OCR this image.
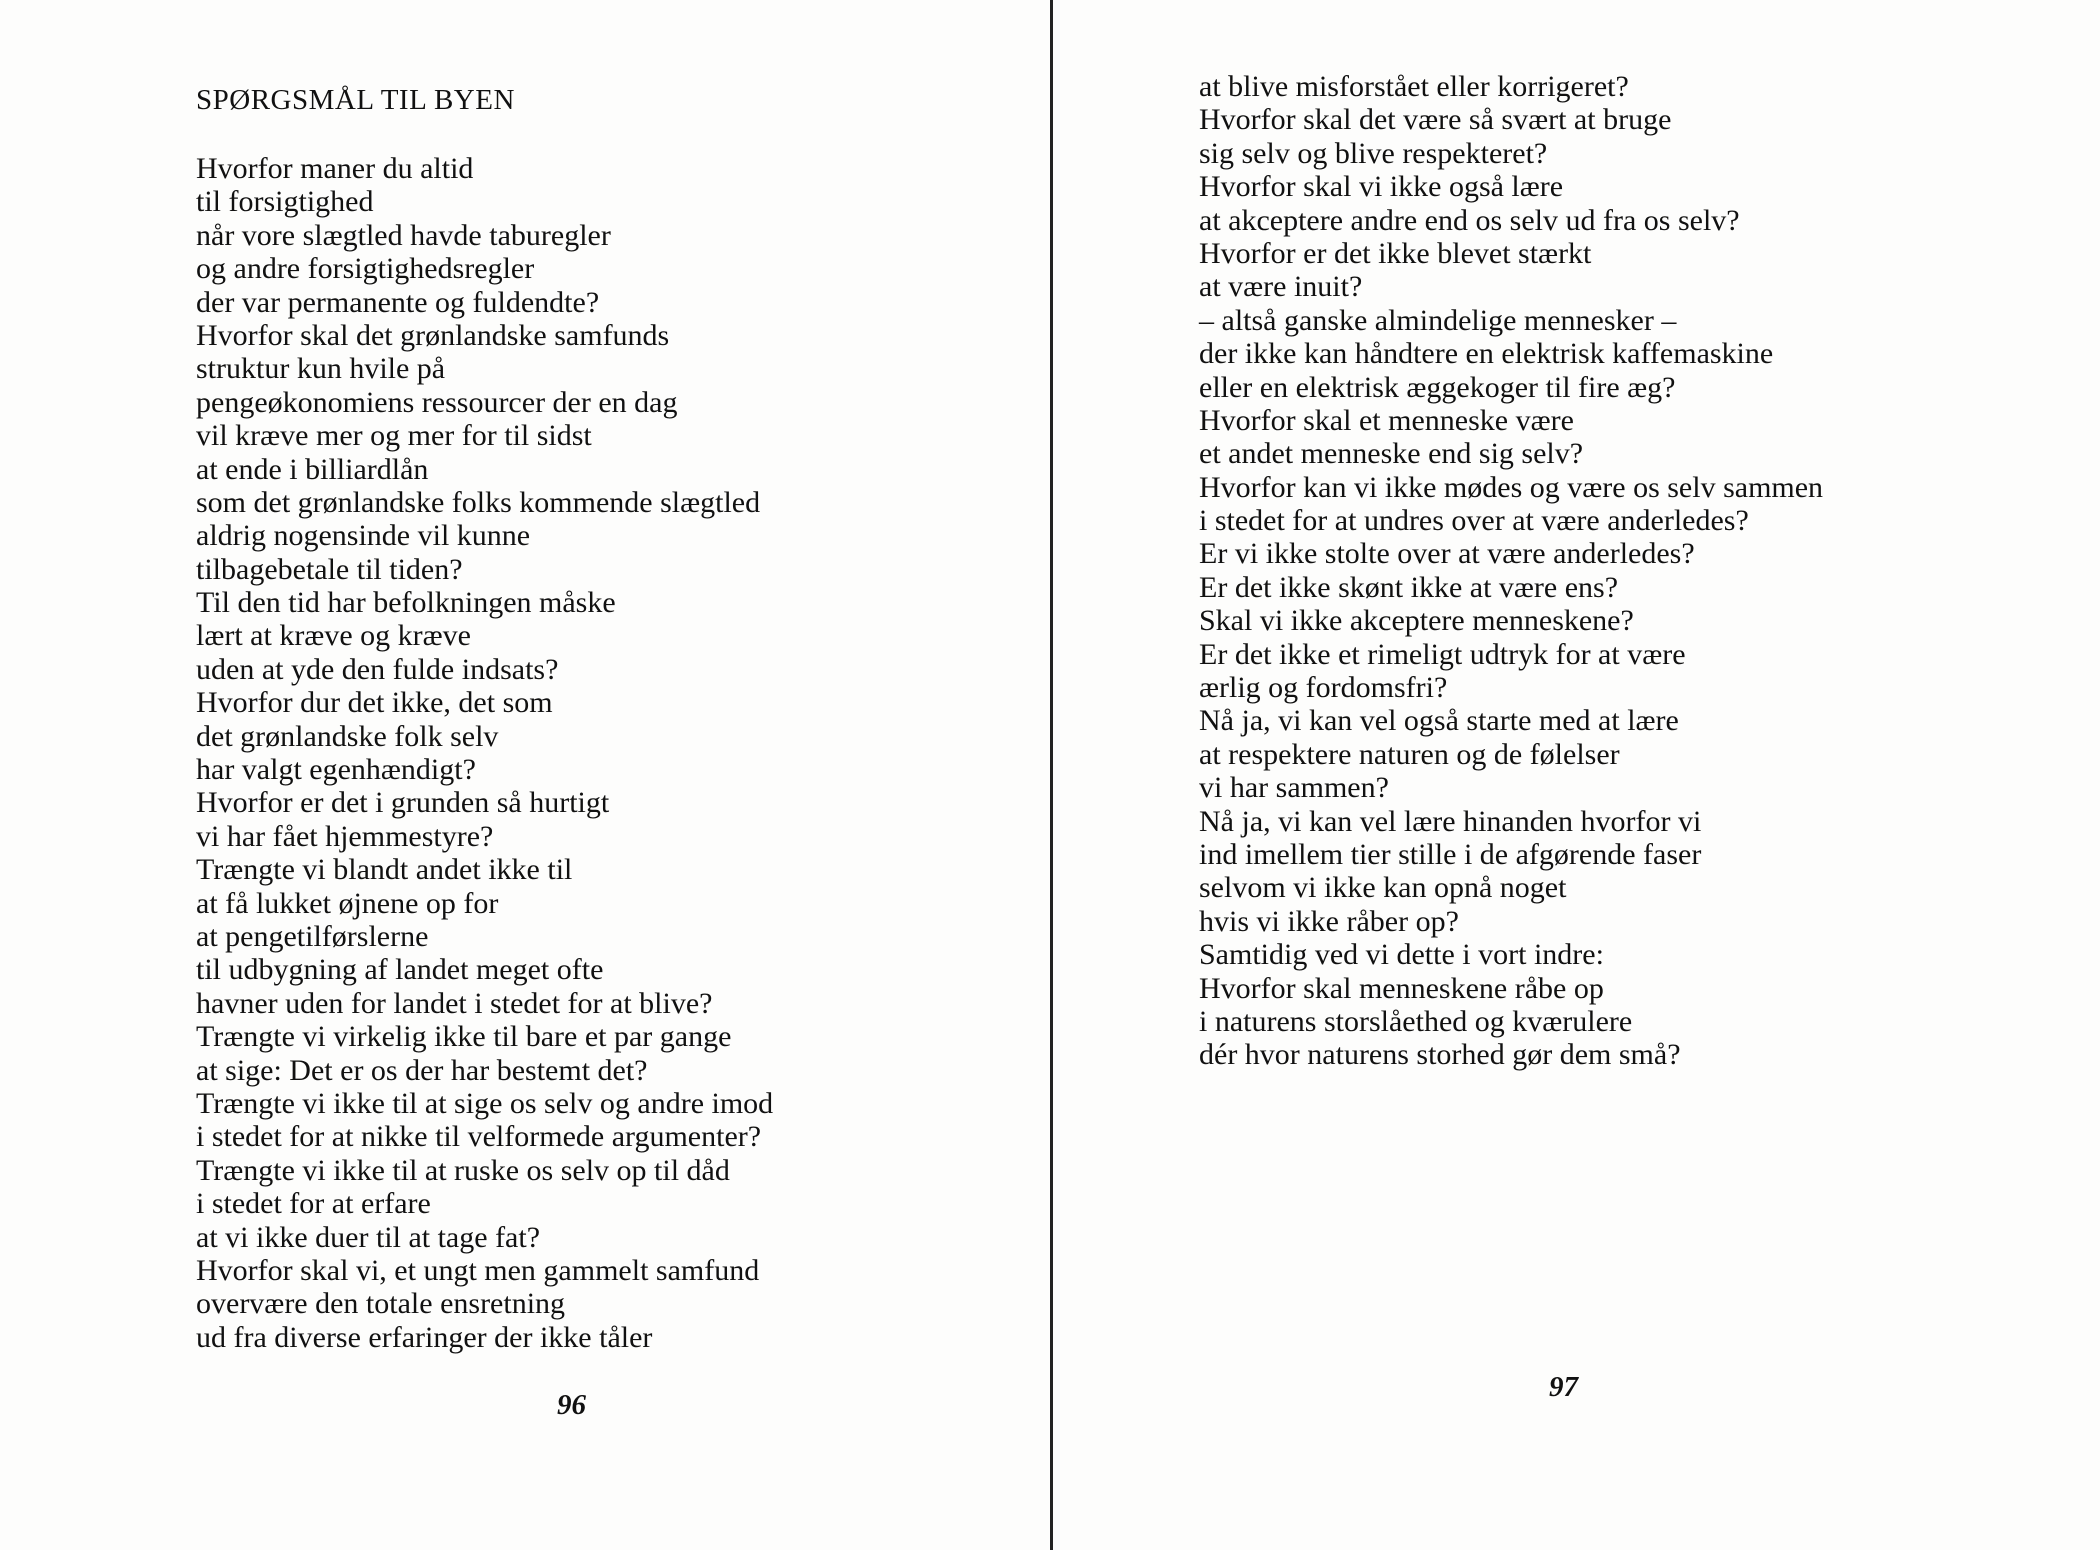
SPØRGSMÅL TIL BYEN
Hvorfor maner du altid
til forsigtighed
når vore slægtled havde taburegler
og andre forsigtighedsregler
der var permanente og fuldendte?
Hvorfor skal det grønlandske samfunds
struktur kun hvile på
pengeøkonomiens ressourcer der en dag
vil kræve mer og mer for til sidst
at ende i billiardlån
som det grønlandske folks kommende slægtled
aldrig nogensinde vil kunne
tilbagebetale til tiden?
Til den tid har befolkningen måske
lært at kræve og kræve
uden at yde den fulde indsats?
Hvorfor dur det ikke, det som
det grønlandske folk selv
har valgt egenhændigt?
Hvorfor er det i grunden så hurtigt
vi har fået hjemmestyre?
Trængte vi blandt andet ikke til
at få lukket øjnene op for
at pengetilførslerne
til udbygning af landet meget ofte
havner uden for landet i stedet for at blive?
Trængte vi virkelig ikke til bare et par gange
at sige: Det er os der har bestemt det?
Trængte vi ikke til at sige os selv og andre imod
i stedet for at nikke til velformede argumenter?
Trængte vi ikke til at ruske os selv op til dåd
i stedet for at erfare
at vi ikke duer til at tage fat?
Hvorfor skal vi, et ungt men gammelt samfund
overvære den totale ensretning
ud fra diverse erfaringer der ikke tåler
96
at blive misforstået eller korrigeret?
Hvorfor skal det være så svært at bruge
sig selv og blive respekteret?
Hvorfor skal vi ikke også lære
at akceptere andre end os selv ud fra os selv?
Hvorfor er det ikke blevet stærkt
at være inuit?
– altså ganske almindelige mennesker –
der ikke kan håndtere en elektrisk kaffemaskine
eller en elektrisk æggekoger til fire æg?
Hvorfor skal et menneske være
et andet menneske end sig selv?
Hvorfor kan vi ikke mødes og være os selv sammen
i stedet for at undres over at være anderledes?
Er vi ikke stolte over at være anderledes?
Er det ikke skønt ikke at være ens?
Skal vi ikke akceptere menneskene?
Er det ikke et rimeligt udtryk for at være
ærlig og fordomsfri?
Nå ja, vi kan vel også starte med at lære
at respektere naturen og de følelser
vi har sammen?
Nå ja, vi kan vel lære hinanden hvorfor vi
ind imellem tier stille i de afgørende faser
selvom vi ikke kan opnå noget
hvis vi ikke råber op?
Samtidig ved vi dette i vort indre:
Hvorfor skal menneskene råbe op
i naturens storslåethed og kværulere
dér hvor naturens storhed gør dem små?
97
